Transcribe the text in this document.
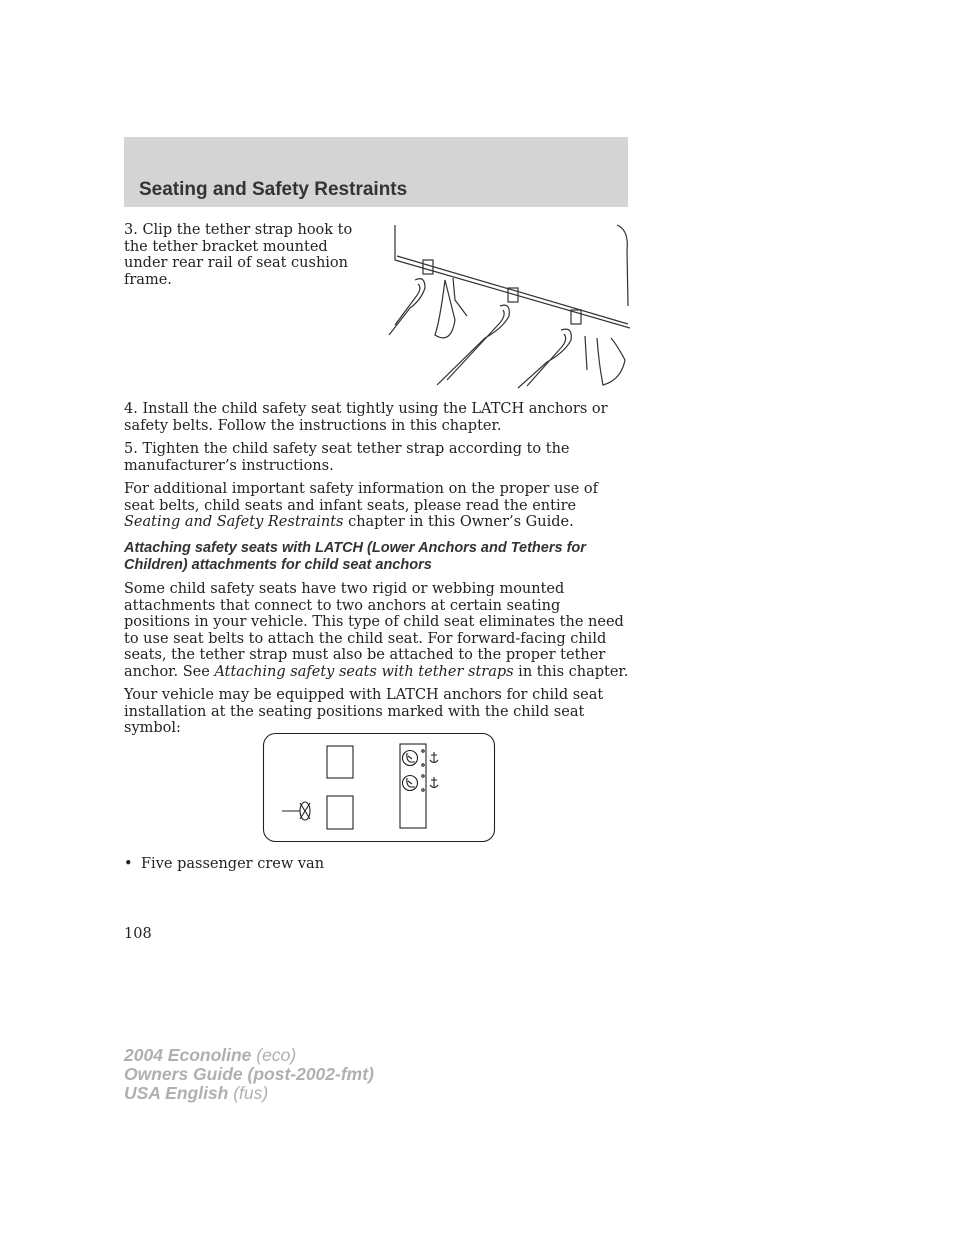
Seating and Safety Restraints
3. Clip the tether strap hook to the tether bracket mounted under rear rail of seat cushion frame.
4. Install the child safety seat tightly using the LATCH anchors or safety belts. Follow the instructions in this chapter.
5. Tighten the child safety seat tether strap according to the manufacturer’s instructions.
For additional important safety information on the proper use of seat belts, child seats and infant seats, please read the entire Seating and Safety Restraints chapter in this Owner’s Guide.
Attaching safety seats with LATCH (Lower Anchors and Tethers for Children) attachments for child seat anchors
Some child safety seats have two rigid or webbing mounted attachments that connect to two anchors at certain seating positions in your vehicle. This type of child seat eliminates the need to use seat belts to attach the child seat. For forward-facing child seats, the tether strap must also be attached to the proper tether anchor. See Attaching safety seats with tether straps in this chapter.
Your vehicle may be equipped with LATCH anchors for child seat installation at the seating positions marked with the child seat symbol:
• Five passenger crew van
108
2004 Econoline (eco)
Owners Guide (post-2002-fmt)
USA English (fus)
